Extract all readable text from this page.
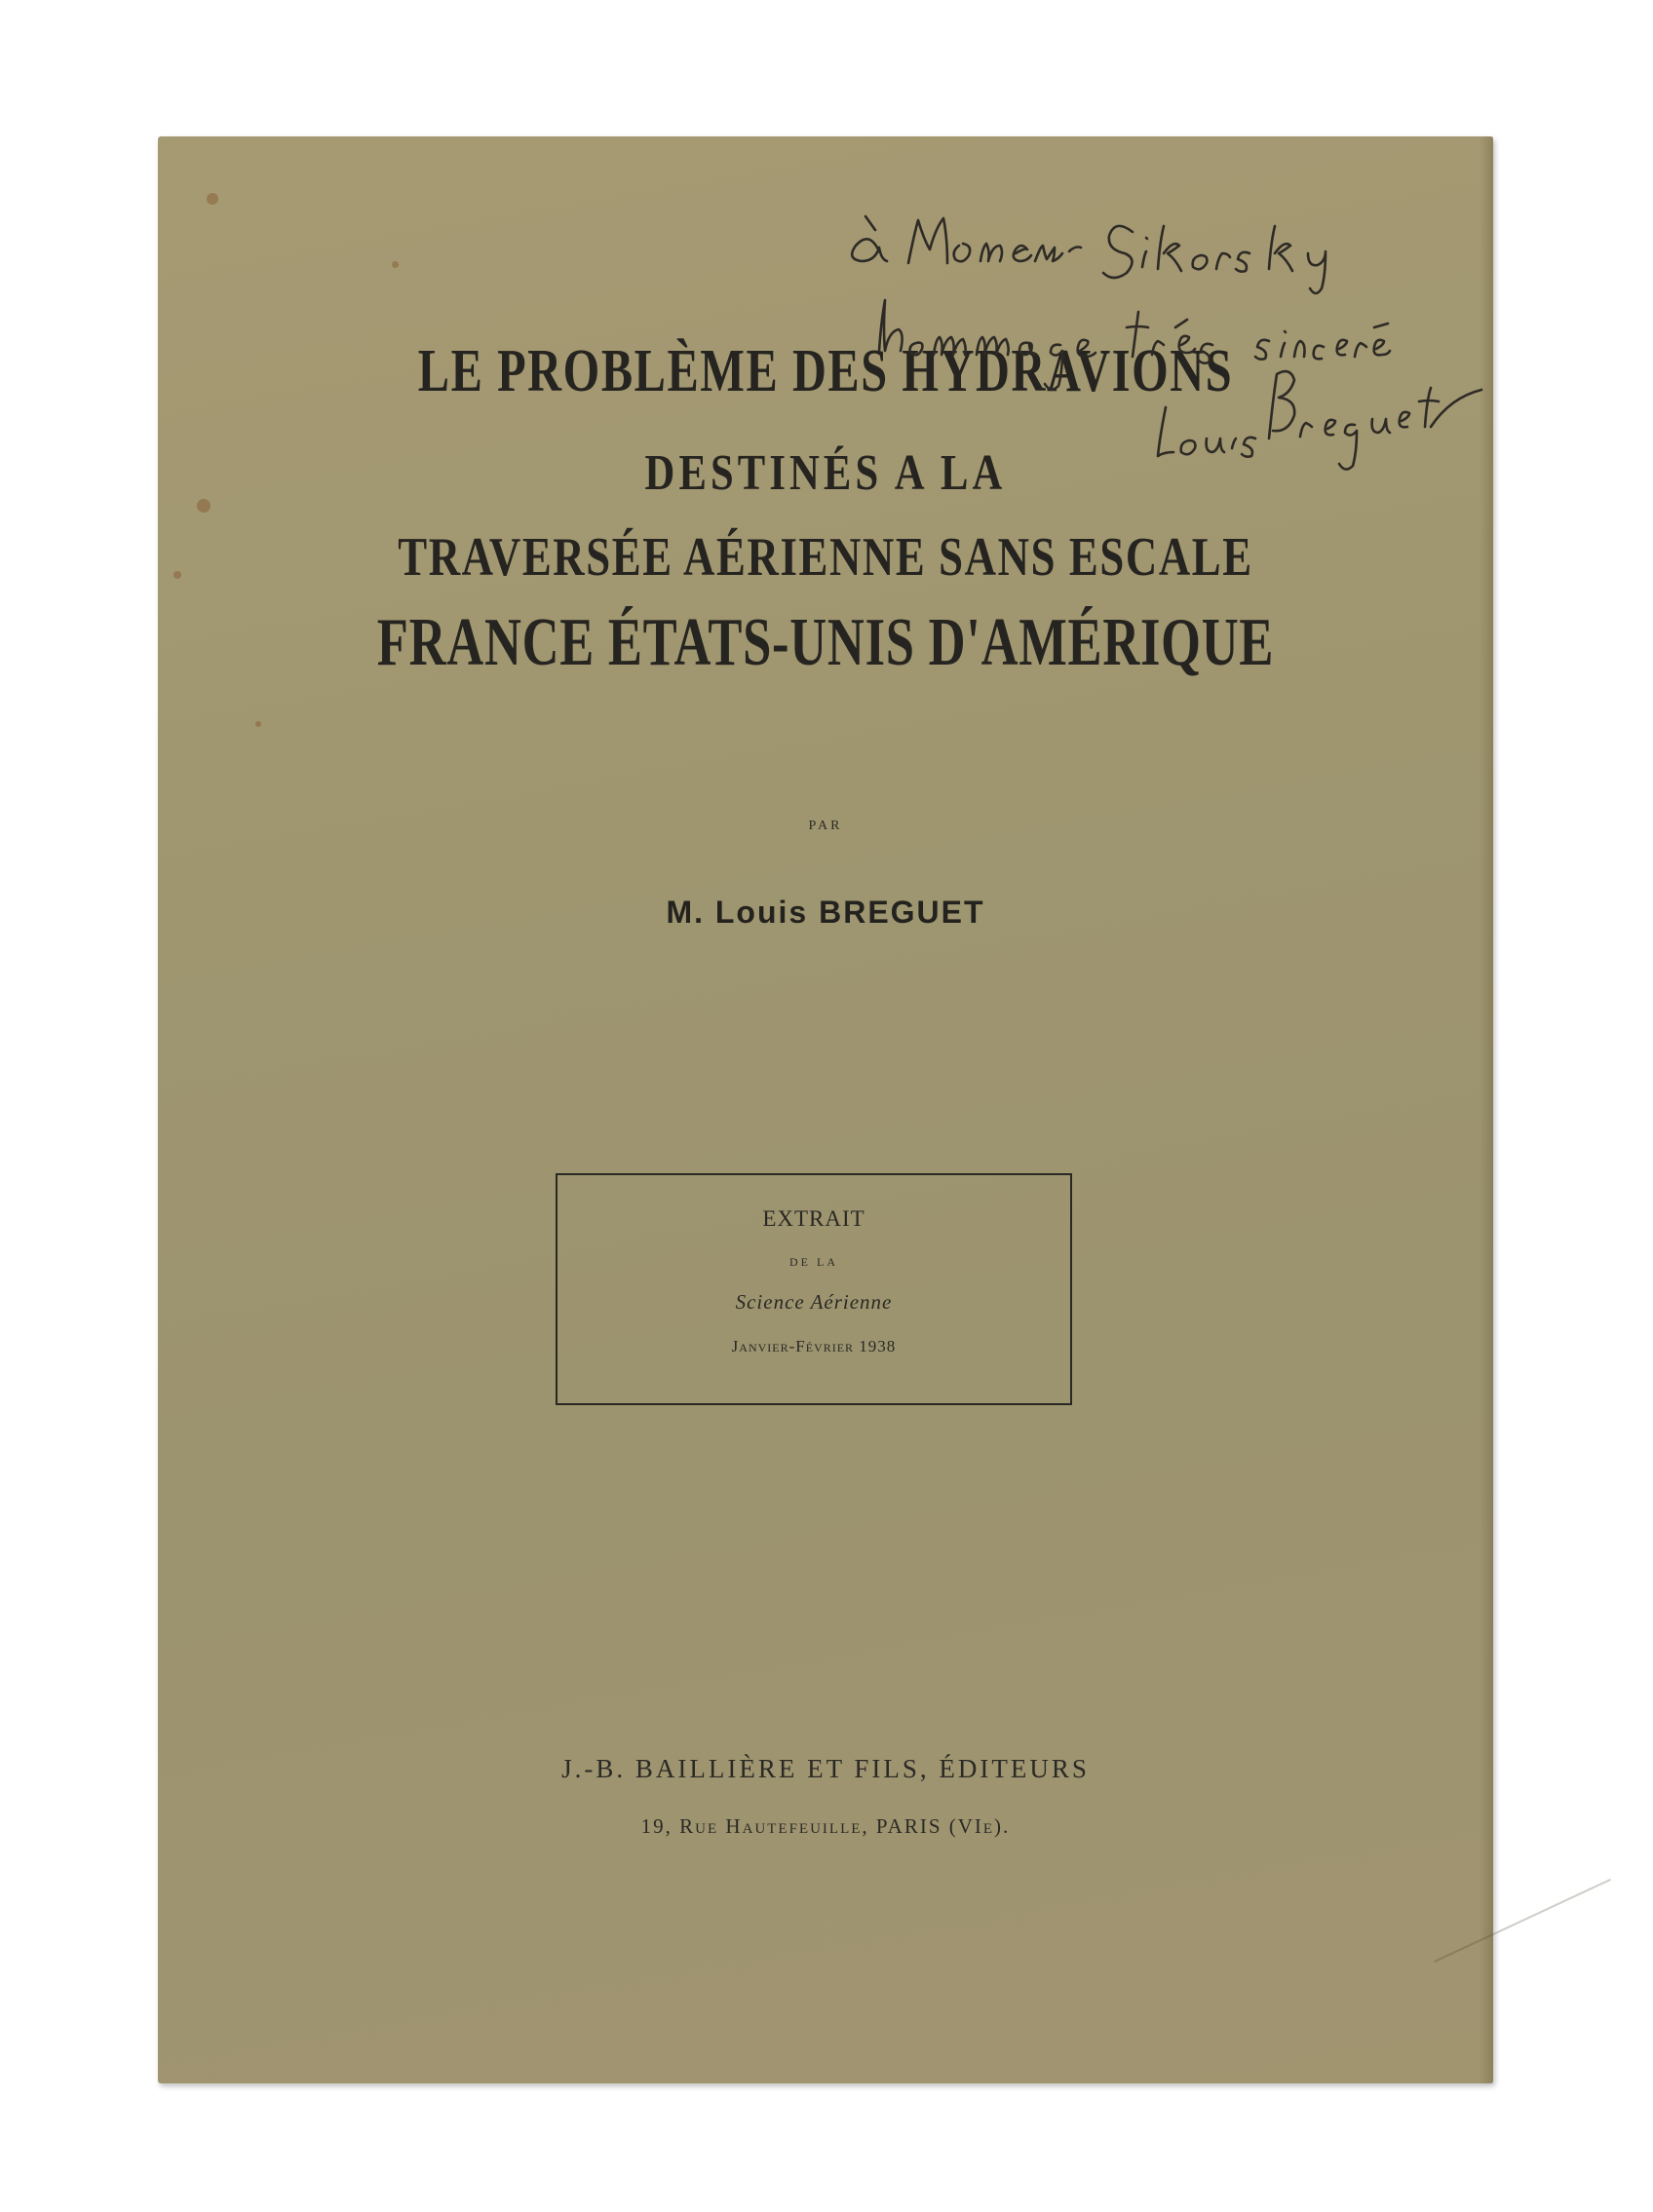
LE PROBLÈME DES HYDRAVIONS
DESTINÉS A LA
TRAVERSÉE AÉRIENNE SANS ESCALE
FRANCE ÉTATS-UNIS D'AMÉRIQUE
PAR
M. Louis BREGUET
EXTRAIT
DE LA
Science Aérienne
Janvier-Février 1938
J.-B. BAILLIÈRE ET FILS, ÉDITEURS
19, Rue Hautefeuille, PARIS (VIe).
